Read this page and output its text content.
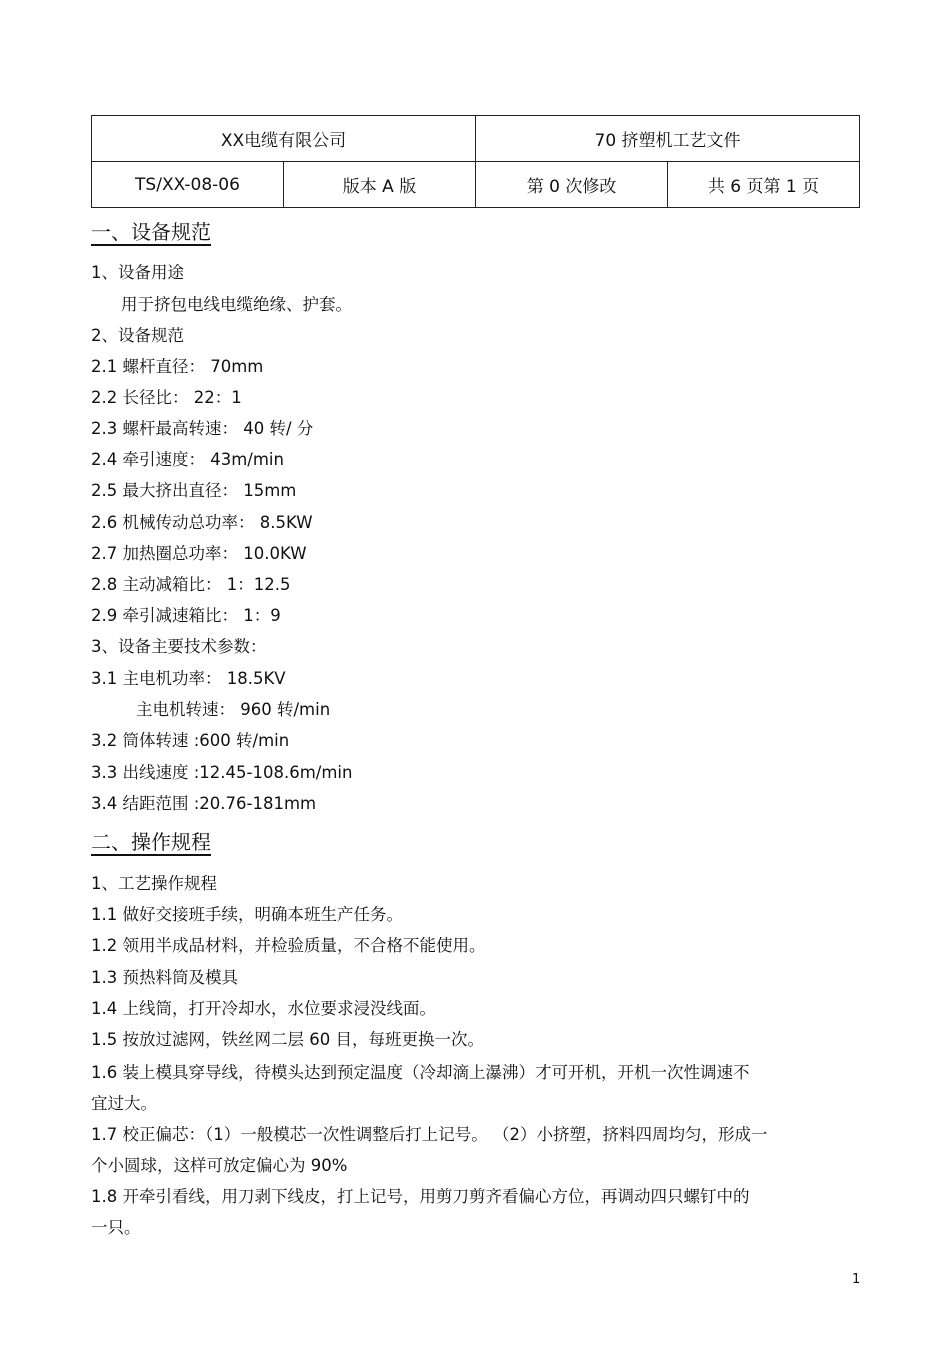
XX电缆有限公司		70 挤塑机工艺文件	
TS/XX-08-06	版本 A 版	第 0 次修改	共 6 页第 1 页
一、设备规范
1、设备用途
用于挤包电线电缆绝缘、护套。
2、设备规范
2.1 螺杆直径： 70mm
2.2 长径比： 22：1
2.3 螺杆最高转速： 40 转/ 分
2.4 牵引速度： 43m/min
2.5 最大挤出直径： 15mm
2.6 机械传动总功率： 8.5KW
2.7 加热圈总功率： 10.0KW
2.8 主动减箱比： 1：12.5
2.9 牵引减速箱比： 1：9
3、设备主要技术参数：
3.1 主电机功率： 18.5KV
主电机转速： 960 转/min
3.2 筒体转速 :600 转/min
3.3 出线速度 :12.45-108.6m/min
3.4 结距范围 :20.76-181mm
二、操作规程
1、工艺操作规程
1.1 做好交接班手续，明确本班生产任务。
1.2 领用半成品材料，并检验质量，不合格不能使用。
1.3 预热料筒及模具
1.4 上线筒，打开冷却水，水位要求浸没线面。
1.5 按放过滤网，铁丝网二层 60 目，每班更换一次。
1.6 装上模具穿导线，待模头达到预定温度（冷却滴上瀑沸）才可开机，开机一次性调速不
宜过大。
1.7 校正偏芯：（1）一般模芯一次性调整后打上记号。 （2）小挤塑，挤料四周均匀，形成一
个小圆球，这样可放定偏心为 90%
1.8 开牵引看线，用刀剥下线皮，打上记号，用剪刀剪齐看偏心方位，再调动四只螺钉中的
一只。
1
